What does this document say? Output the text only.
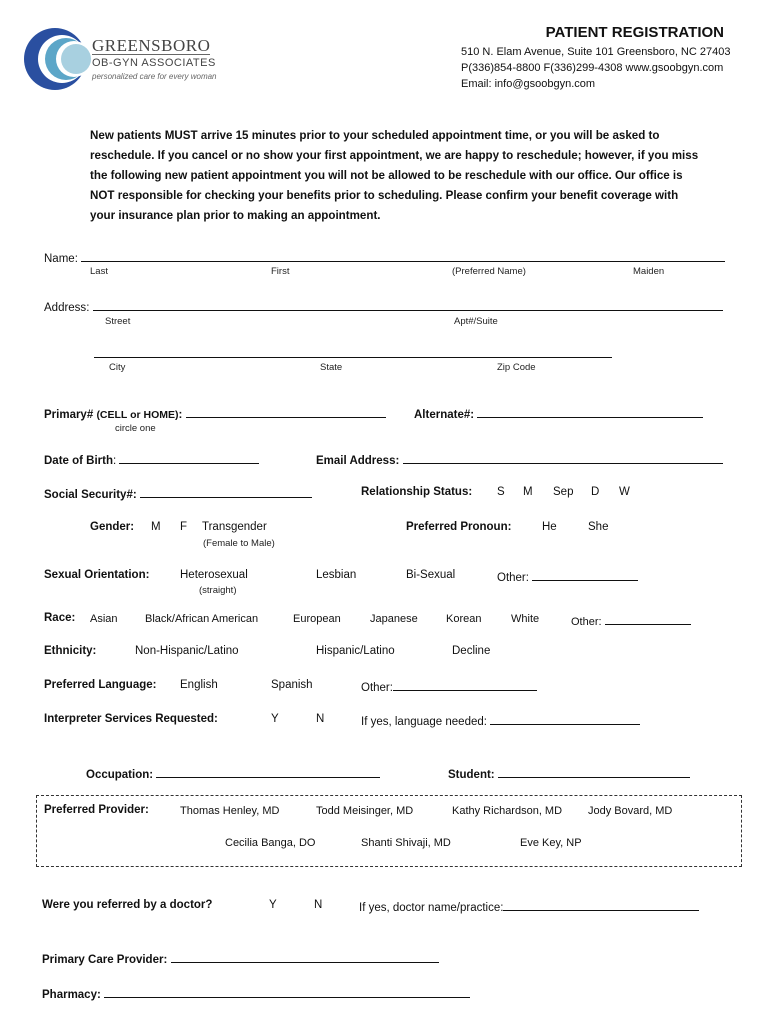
GREENSBORO
OB-GYN ASSOCIATES
personalized care for every woman
PATIENT REGISTRATION
510 N. Elam Avenue, Suite 101 Greensboro, NC 27403
P(336)854-8800 F(336)299-4308 www.gsoobgyn.com
Email: info@gsoobgyn.com
New patients MUST arrive 15 minutes prior to your scheduled appointment time, or you will be asked to reschedule. If you cancel or no show your first appointment, we are happy to reschedule; however, if you miss the following new patient appointment you will not be allowed to be reschedule with our office. Our office is NOT responsible for checking your benefits prior to scheduling. Please confirm your benefit coverage with your insurance plan prior to making an appointment.
Name:
Last	First	(Preferred Name)	Maiden
Address:
Street	Apt#/Suite
City	State	Zip Code
Primary# (CELL or HOME):
circle one
Alternate#:
Date of Birth:	Email Address:
Social Security#:	Relationship Status: S M Sep D W
Gender: M F Transgender
(Female to Male)
Preferred Pronoun:	He	She
Sexual Orientation:	Heterosexual
(straight)
Lesbian	Bi-Sexual	Other:
Race: Asian Black/African American	European	Japanese	Korean	White	Other:
Ethnicity:	Non-Hispanic/Latino	Hispanic/Latino	Decline
Preferred Language: English	Spanish	Other:
Interpreter Services Requested:	Y	N	If yes, language needed:
Occupation:	Student:
Preferred Provider:	Thomas Henley, MD	Todd Meisinger, MD	Kathy Richardson, MD Jody Bovard, MD
Cecilia Banga, DO	Shanti Shivaji, MD	Eve Key, NP
Were you referred by a doctor?	Y	N	If yes, doctor name/practice:
Primary Care Provider:
Pharmacy:
